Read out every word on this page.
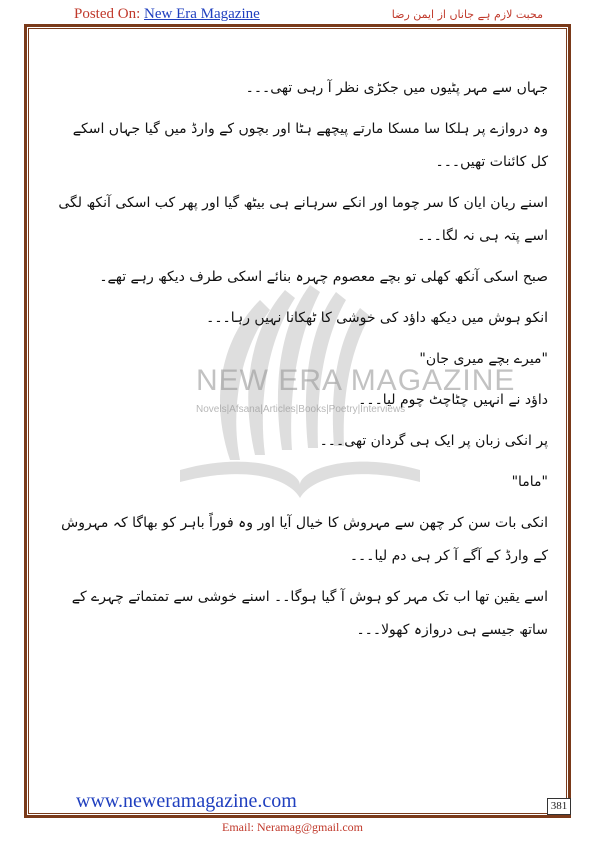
Posted On: New Era Magazine	محبت لازم ہے جاناں از ایمن رضا
NEW ERA MAGAZINE
Novels|Afsana|Articles|Books|Poetry|Interviews

جہاں سے مہر پٹیوں میں جکڑی نظر آ رہی تھی۔۔۔

وہ دروازے پر ہلکا سا مسکا مارتے پیچھے ہٹا اور بچوں کے وارڈ میں گیا جہاں اسکے کل کائنات تھیں۔۔۔

اسنے ریان ایان کا سر چوما اور انکے سرہانے ہی بیٹھ گیا اور پھر کب اسکی آنکھ لگی اسے پتہ ہی نہ لگا۔۔۔

صبح اسکی آنکھ کھلی تو بچے معصوم چہرہ بنائے اسکی طرف دیکھ رہے تھے۔

انکو ہوش میں دیکھ داؤد کی خوشی کا ٹھکانا نہیں رہا۔۔۔

"میرے بچے میری جان"

داؤد نے انہیں چٹاچٹ چوم لیا۔۔۔

پر انکی زبان پر ایک ہی گردان تھی۔۔۔

"ماما"

انکی بات سن کر چھن سے مہروش کا خیال آیا اور وہ فوراً باہر کو بھاگا کہ مہروش کے وارڈ کے آگے آ کر ہی دم لیا۔۔۔

اسے یقین تھا اب تک مہر کو ہوش آ گیا ہوگا۔۔ اسنے خوشی سے تمتماتے چہرے کے ساتھ جیسے ہی دروازہ کھولا۔۔۔

www.neweramagazine.com	381
Email: Neramag@gmail.com
